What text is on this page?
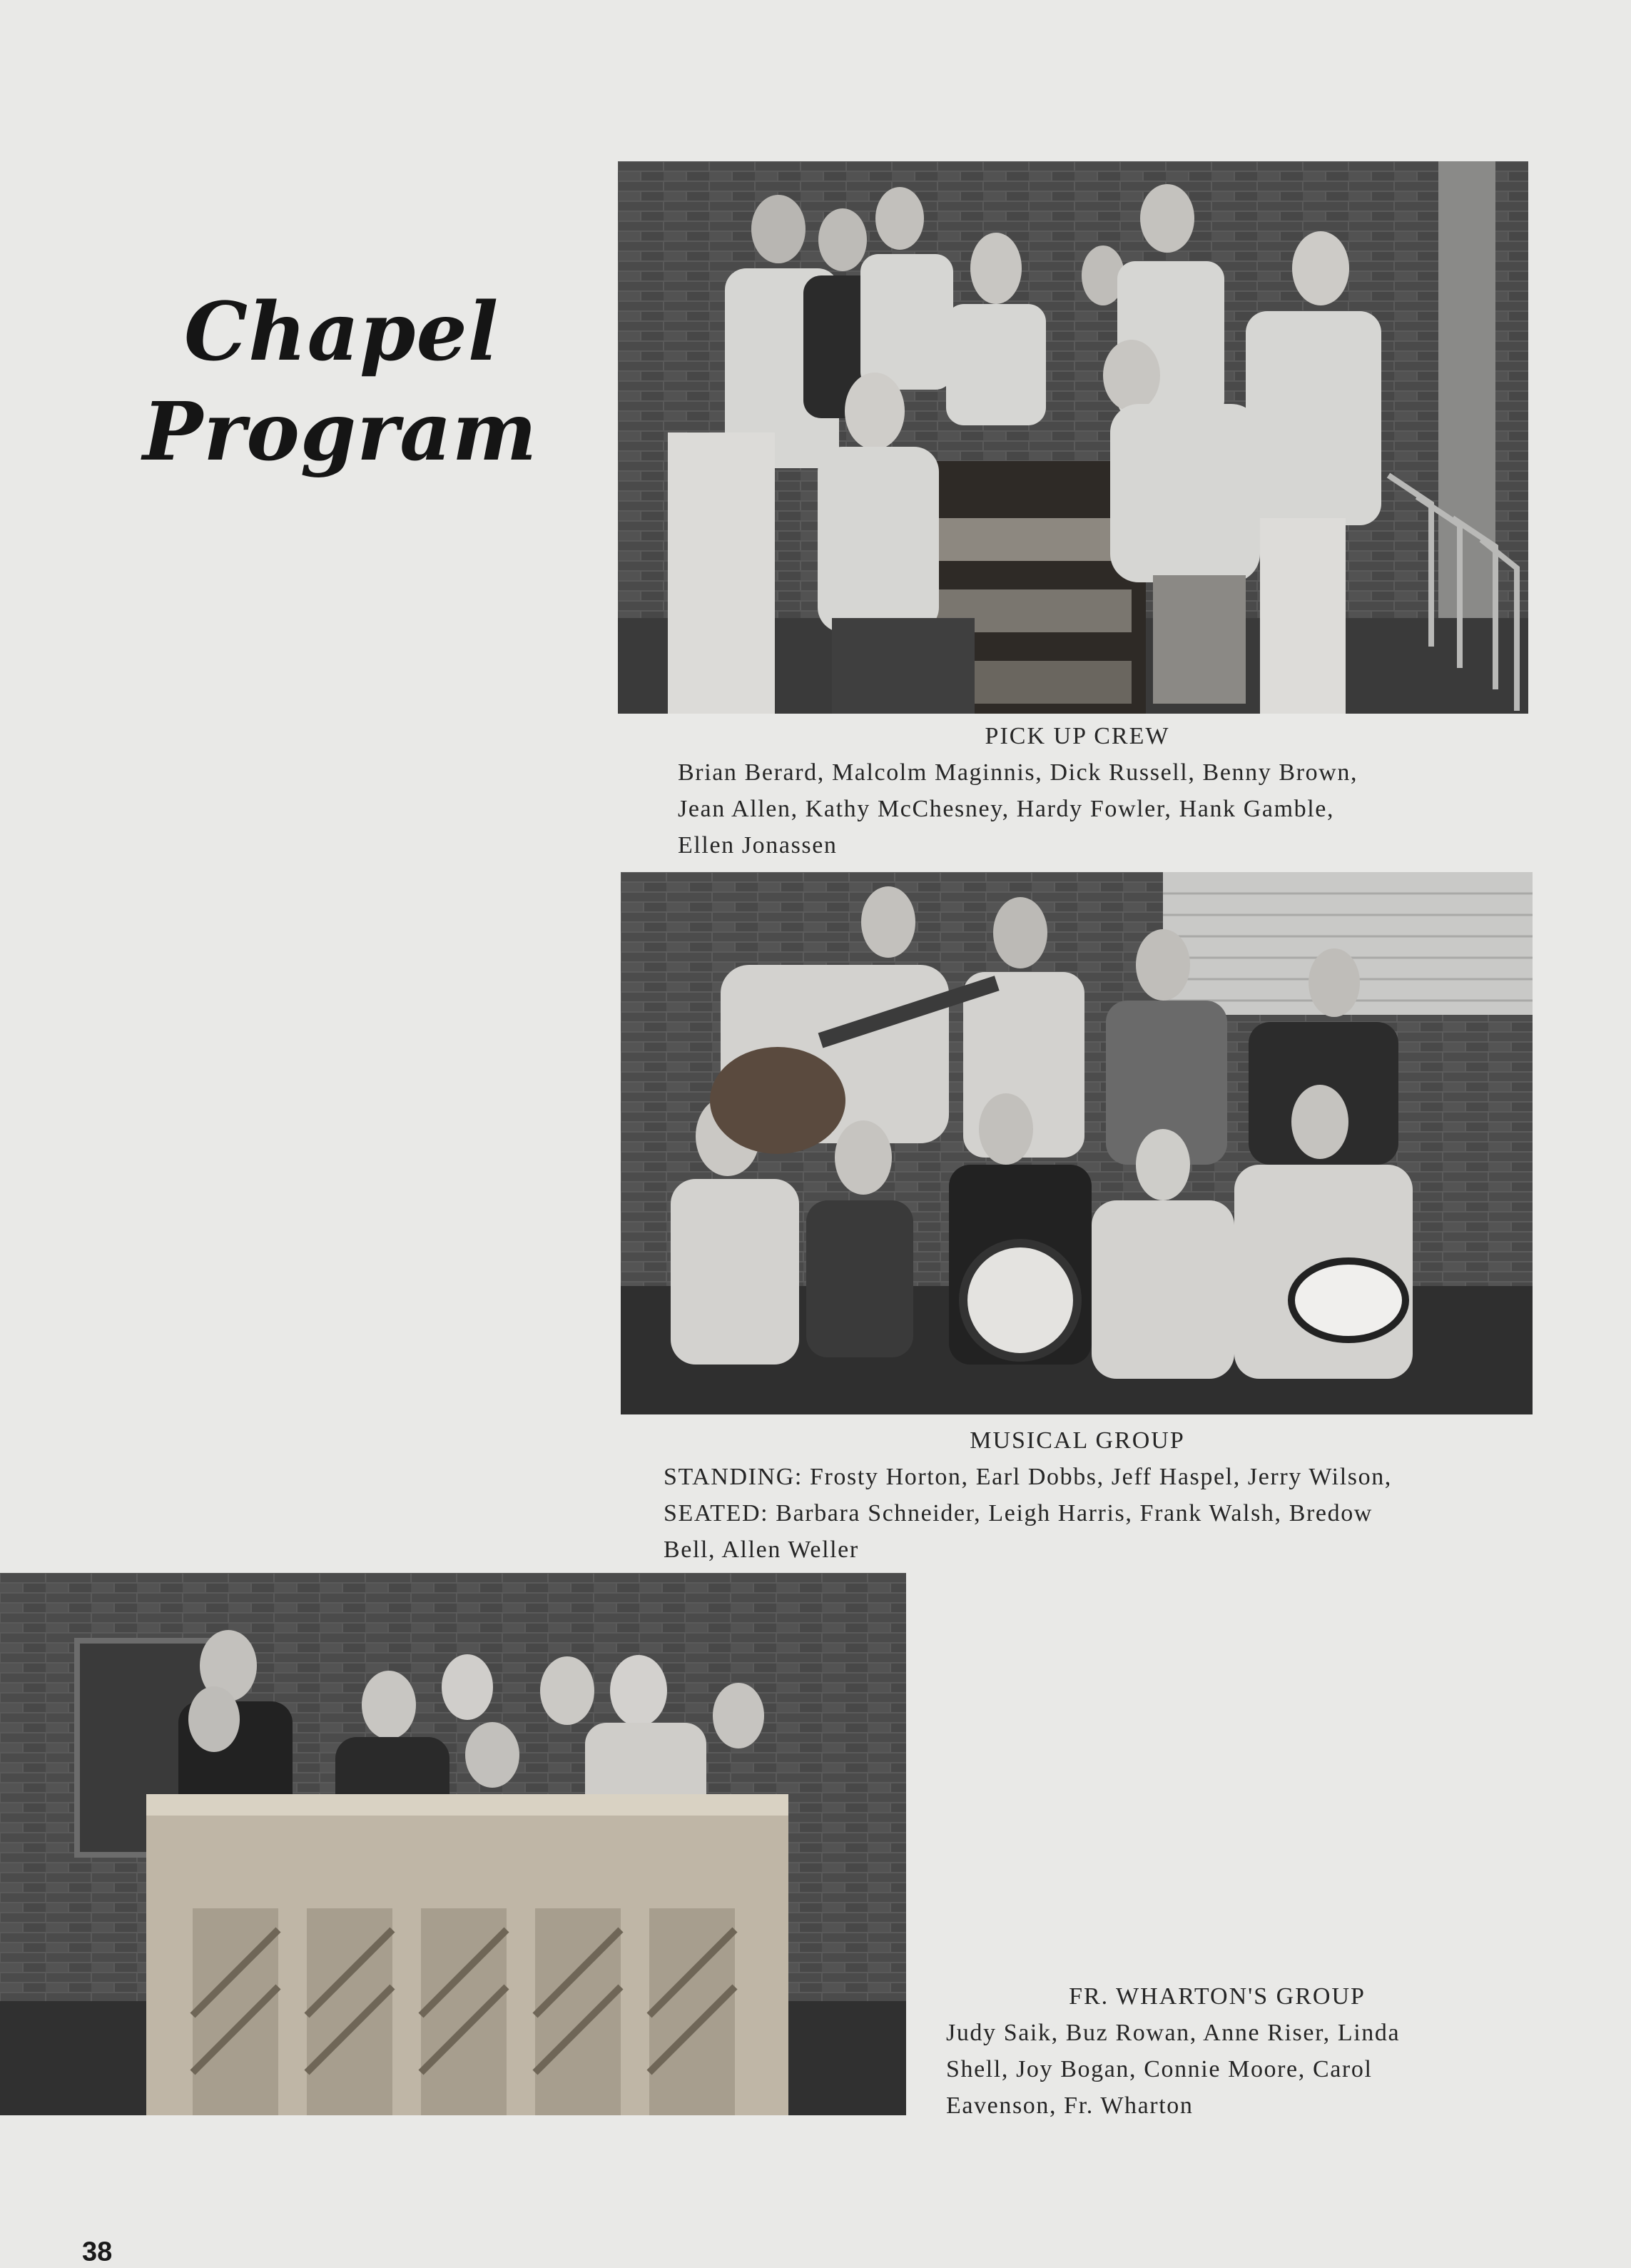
Chapel
Program
PICK UP CREW
Brian Berard, Malcolm Maginnis, Dick Russell, Benny Brown,
Jean Allen, Kathy McChesney, Hardy Fowler, Hank Gamble,
Ellen Jonassen
MUSICAL GROUP
STANDING: Frosty Horton, Earl Dobbs, Jeff Haspel, Jerry Wilson,
SEATED: Barbara Schneider, Leigh Harris, Frank Walsh, Bredow
Bell, Allen Weller
FR. WHARTON'S GROUP
Judy Saik, Buz Rowan, Anne Riser, Linda
Shell, Joy Bogan, Connie Moore, Carol
Eavenson, Fr. Wharton
38
